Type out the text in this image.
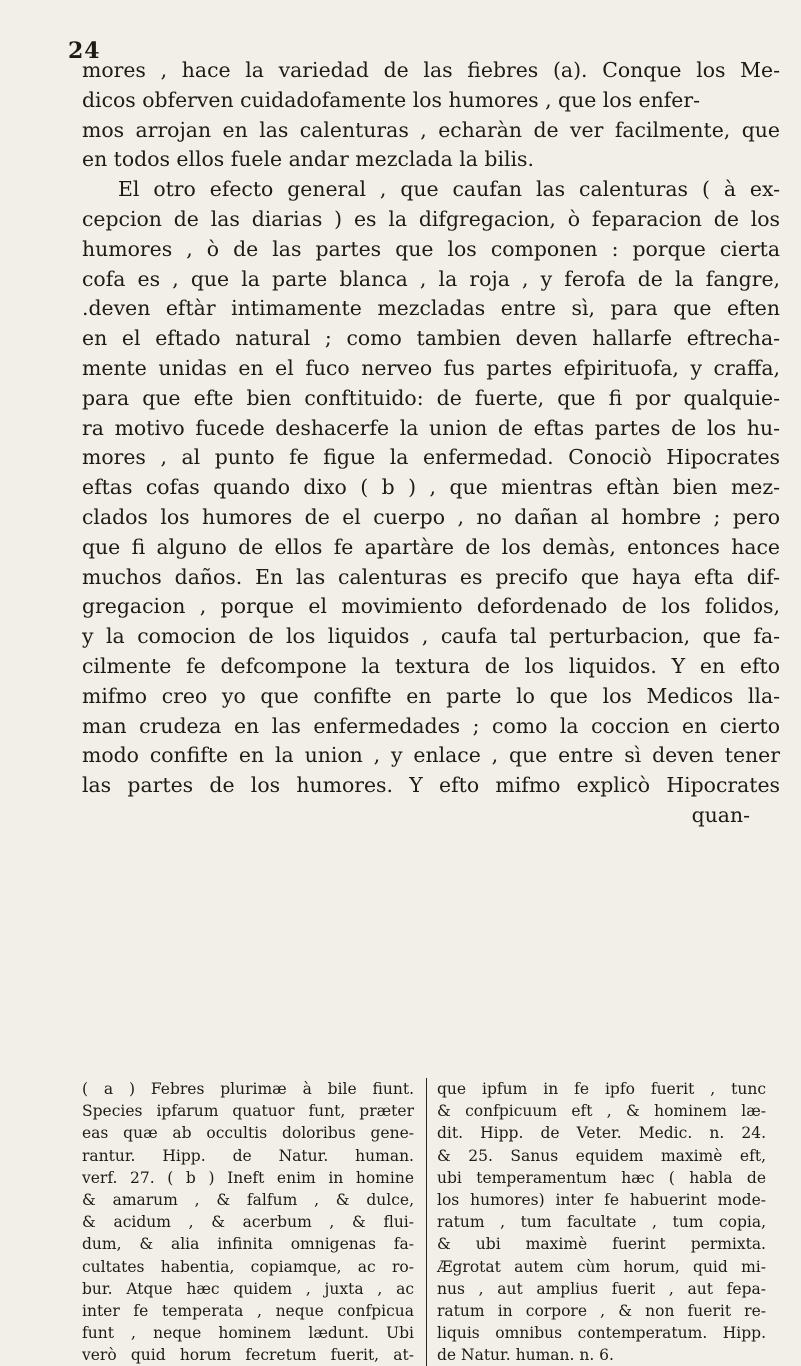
24
mores , hace la variedad de las fiebres (a). Conque los Me-
dicos obferven cuidadofamente los humores , que los enfer-
mos arrojan en las calenturas , echaràn de ver facilmente, que
en todos ellos fuele andar mezclada la bilis.
El otro efecto general , que caufan las calenturas ( à ex-
cepcion de las diarias ) es la difgregacion, ò feparacion de los
humores , ò de las partes que los componen : porque cierta
cofa es , que la parte blanca , la roja , y ferofa de la fangre,
.deven eftàr intimamente mezcladas entre sì, para que eften
en el eftado natural ; como tambien deven hallarfe eftrecha-
mente unidas en el fuco nerveo fus partes efpirituofa, y craffa,
para que efte bien conftituido: de fuerte, que fi por qualquie-
ra motivo fucede deshacerfe la union de eftas partes de los hu-
mores , al punto fe figue la enfermedad. Conociò Hipocrates
eftas cofas quando dixo ( b ) , que mientras eftàn bien mez-
clados los humores de el cuerpo , no dañan al hombre ; pero
que fi alguno de ellos fe apartàre de los demàs, entonces hace
muchos daños. En las calenturas es precifo que haya efta dif-
gregacion , porque el movimiento defordenado de los folidos,
y la comocion de los liquidos , caufa tal perturbacion, que fa-
cilmente fe defcompone la textura de los liquidos. Y en efto
mifmo creo yo que confifte en parte lo que los Medicos lla-
man crudeza en las enfermedades ; como la coccion en cierto
modo confifte en la union , y enlace , que entre sì deven tener
las partes de los humores. Y efto mifmo explicò Hipocrates
quan-
( a ) Febres plurimæ à bile fiunt.
Species ipfarum quatuor funt, præter
eas quæ ab occultis doloribus gene-
rantur. Hipp. de Natur. human.
verf. 27. ( b ) Ineft enim in homine
& amarum , & falfum , & dulce,
& acidum , & acerbum , & flui-
dum, & alia infinita omnigenas fa-
cultates habentia, copiamque, ac ro-
bur. Atque hæc quidem , juxta , ac
inter fe temperata , neque confpicua
funt , neque hominem lædunt. Ubi
verò quid horum fecretum fuerit, at-
que ipfum in fe ipfo fuerit , tunc
& confpicuum eft , & hominem læ-
dit. Hipp. de Veter. Medic. n. 24.
& 25. Sanus equidem maximè eft,
ubi temperamentum hæc ( habla de
los humores) inter fe habuerint mode-
ratum , tum facultate , tum copia,
& ubi maximè fuerint permixta.
Ægrotat autem cùm horum, quid mi-
nus , aut amplius fuerit , aut fepa-
ratum in corpore , & non fuerit re-
liquis omnibus contemperatum. Hipp.
de Natur. human. n. 6.
